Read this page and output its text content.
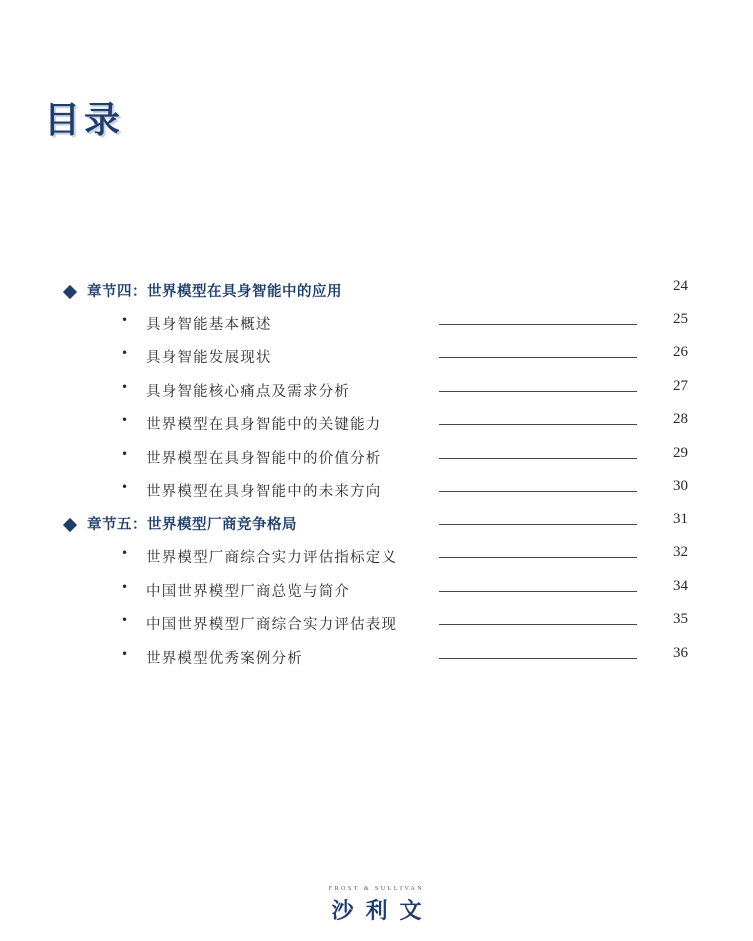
目录
章节四：世界模型在具身智能中的应用	24
• 具身智能基本概述	25
• 具身智能发展现状	26
• 具身智能核心痛点及需求分析	27
• 世界模型在具身智能中的关键能力	28
• 世界模型在具身智能中的价值分析	29
• 世界模型在具身智能中的未来方向	30
章节五：世界模型厂商竞争格局	31
• 世界模型厂商综合实力评估指标定义	32
• 中国世界模型厂商总览与简介	34
• 中国世界模型厂商综合实力评估表现	35
• 世界模型优秀案例分析	36
FROST & SULLIVAN
沙利文
